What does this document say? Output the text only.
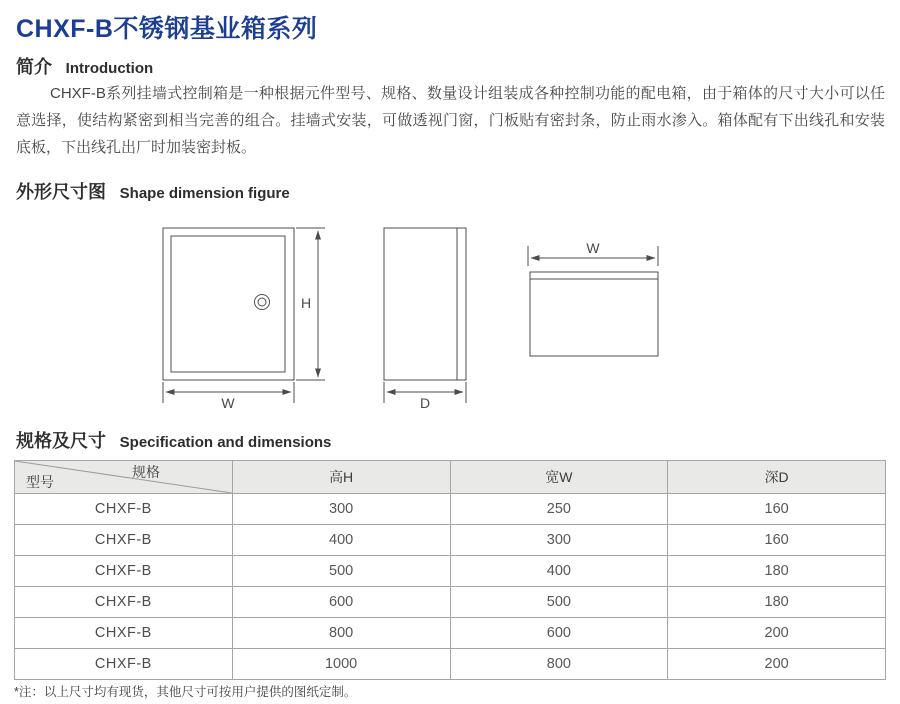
CHXF-B不锈钢基业箱系列
简介 Introduction

CHXF-B系列挂墙式控制箱是一种根据元件型号、规格、数量设计组装成各种控制功能的配电箱，由于箱体的尺寸大小可以任意选择，使结构紧密到相当完善的组合。挂墙式安装，可做透视门窗，门板贴有密封条，防止雨水渗入。箱体配有下出线孔和安装底板，下出线孔出厂时加装密封板。

外形尺寸图 Shape dimension figure
H
W	D
W
规格及尺寸 Specification and dimensions
规格
型号	高H	宽W	深D
CHXF-B	300	250	160
CHXF-B	400	300	160
CHXF-B	500	400	180
CHXF-B	600	500	180
CHXF-B	800	600	200
CHXF-B	1000	800	200

*注：以上尺寸均有现货，其他尺寸可按用户提供的图纸定制。
